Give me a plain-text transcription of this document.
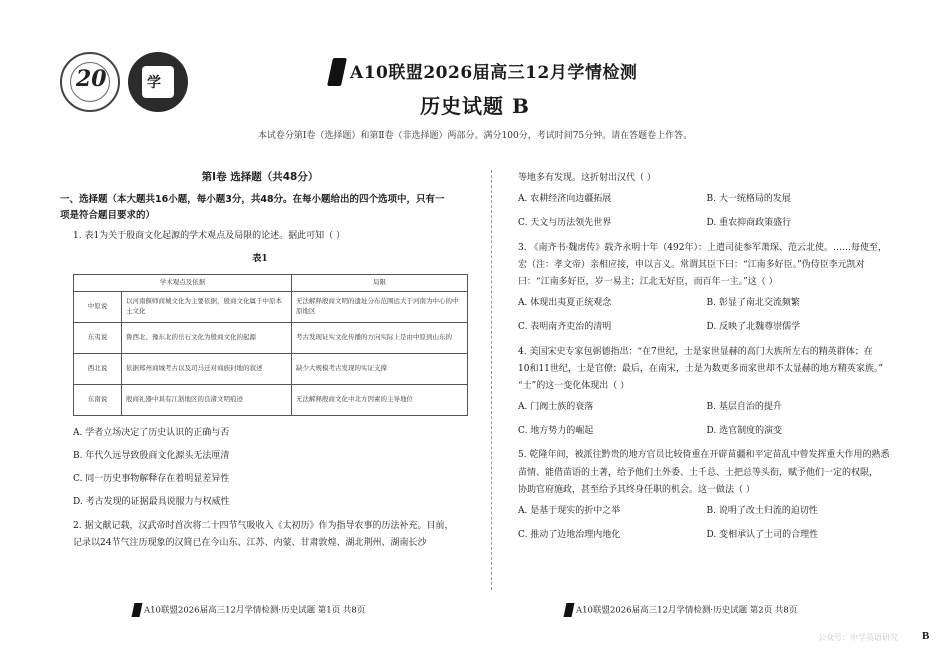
20	学	A10联盟2026届高三12月学情检测
历史试题 B
本试卷分第Ⅰ卷（选择题）和第Ⅱ卷（非选择题）两部分。满分100分，考试时间75分钟。请在答题卷上作答。
第Ⅰ卷 选择题（共48分）
一、选择题（本大题共16小题，每小题3分，共48分。在每小题给出的四个选项中，只有一
项是符合题目要求的）
1. 表1为关于殷商文化起源的学术观点及局限的论述。据此可知（ ）
表1
学术观点及依据		局限
中原说	以河南偃师商城文化为主要依据，殷商文化属于中原本土文化	无法解释殷商文明的遗址分布范围远大于河南为中心的中原地区
东夷说	鲁西北、豫东北的岳石文化为殷商文化的起源	考古发现证实文化传播的方向实际上是由中原到山东的
西北说	依据郑州商城考古以及司马迁对商族封地的叙述	缺少大规模考古发现的实证支撑
东南说	殷商礼器中具有江浙地区的良渚文明痕迹	无法解释殷商文化中北方因素的主导地位
A. 学者立场决定了历史认识的正确与否
B. 年代久远导致殷商文化源头无法厘清
C. 同一历史事物解释存在着明显差异性
D. 考古发现的证据最具说服力与权威性
2. 据文献记载，汉武帝时首次将二十四节气吸收入《太初历》作为指导农事的历法补充。目前，
记录以24节气注历现象的汉简已在今山东、江苏、内蒙、甘肃敦煌、湖北荆州、湖南长沙
等地多有发现。这折射出汉代（ ）
A. 农耕经济向边疆拓展	B. 大一统格局的发展
C. 天文与历法领先世界	D. 重农抑商政策盛行
3. 《南齐书·魏虏传》载齐永明十年（492年）：上遣司徒参军萧琛、范云北使。……每使至，
宏（注：孝文帝）亲相应接，申以言义。常谓其臣下曰：“江南多好臣。”伪侍臣李元凯对
曰：“江南多好臣，岁一易主；江北无好臣，而百年一主。”这（ ）
A. 体现出夷夏正统观念	B. 彰显了南北交流频繁
C. 表明南齐吏治的清明	D. 反映了北魏尊崇儒学
4. 美国宋史专家包弼德指出：“在7世纪，士是家世显赫的高门大族所左右的精英群体；在
10和11世纪，士是官僚；最后，在南宋，士是为数更多而家世却不太显赫的地方精英家族。”
“士”的这一变化体现出（ ）
A. 门阀士族的衰落	B. 基层自治的提升
C. 地方势力的崛起	D. 选官制度的演变
5. 乾隆年间，被派往黔贵的地方官员比较倚重在开辟苗疆和平定苗乱中曾发挥重大作用的熟悉
苗情、能借苗语的土著，给予他们土外委、土千总、土把总等头衔，赋予他们一定的权限，
协助官府施政，甚至给予其终身任职的机会。这一做法（ ）
A. 是基于现实的折中之举	B. 说明了改土归流的迫切性
C. 推动了边地治理内地化	D. 变相承认了土司的合理性
A10联盟2026届高三12月学情检测·历史试题 第1页 共8页	A10联盟2026届高三12月学情检测·历史试题 第2页 共8页
公众号：中学英语研究 B
